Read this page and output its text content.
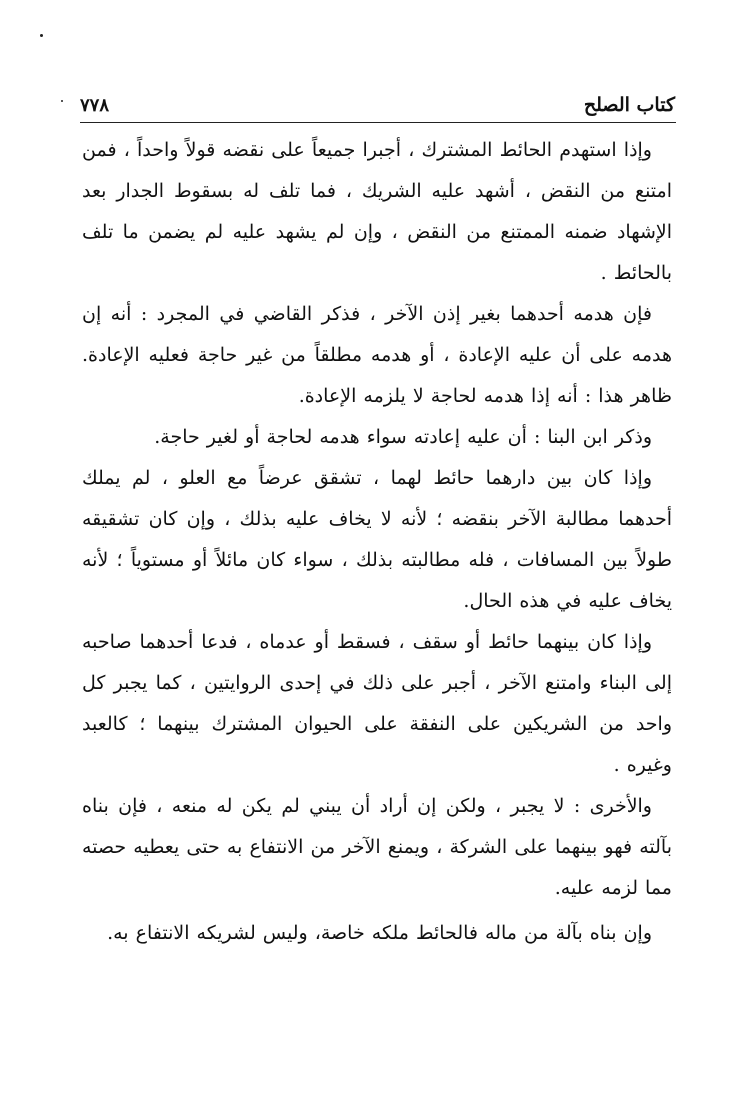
كتاب الصلح
٧٧٨

وإذا استهدم الحائط المشترك ، أجبرا جميعاً على نقضه قولاً واحداً ، فمن امتنع من النقض ، أشهد عليه الشريك ، فما تلف له بسقوط الجدار بعد الإشهاد ضمنه الممتنع من النقض ، وإن لم يشهد عليه لم يضمن ما تلف بالحائط .

فإن هدمه أحدهما بغير إذن الآخر ، فذكر القاضي في المجرد : أنه إن هدمه على أن عليه الإعادة ، أو هدمه مطلقاً من غير حاجة فعليه الإعادة. ظاهر هذا : أنه إذا هدمه لحاجة لا يلزمه الإعادة.

وذكر ابن البنا : أن عليه إعادته سواء هدمه لحاجة أو لغير حاجة.

وإذا كان بين دارهما حائط لهما ، تشقق عرضاً مع العلو ، لم يملك أحدهما مطالبة الآخر بنقضه ؛ لأنه لا يخاف عليه بذلك ، وإن كان تشقيقه طولاً بين المسافات ، فله مطالبته بذلك ، سواء كان مائلاً أو مستوياً ؛ لأنه يخاف عليه في هذه الحال.

وإذا كان بينهما حائط أو سقف ، فسقط أو عدماه ، فدعا أحدهما صاحبه إلى البناء وامتنع الآخر ، أجبر على ذلك في إحدى الروايتين ، كما يجبر كل واحد من الشريكين على النفقة على الحيوان المشترك بينهما ؛ كالعبد وغيره .

والأخرى : لا يجبر ، ولكن إن أراد أن يبني لم يكن له منعه ، فإن بناه بآلته فهو بينهما على الشركة ، ويمنع الآخر من الانتفاع به حتى يعطيه حصته مما لزمه عليه.

وإن بناه بآلة من ماله فالحائط ملكه خاصة، وليس لشريكه الانتفاع به.
